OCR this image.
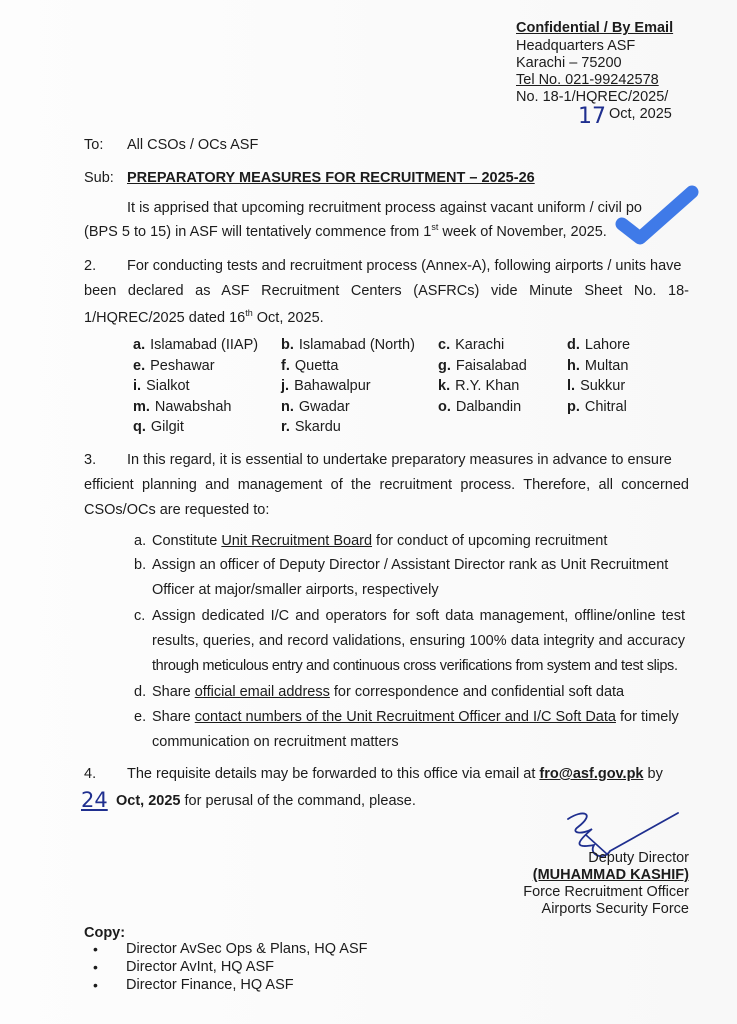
Confidential / By Email
Headquarters ASF
Karachi – 75200
Tel No. 021-99242578
No. 18-1/HQREC/2025/
17 Oct, 2025
To: All CSOs / OCs ASF
Sub: PREPARATORY MEASURES FOR RECRUITMENT – 2025-26
It is apprised that upcoming recruitment process against vacant uniform / civil po
(BPS 5 to 15) in ASF will tentatively commence from 1st week of November, 2025.
2. For conducting tests and recruitment process (Annex-A), following airports / units have
been declared as ASF Recruitment Centers (ASFRCs) vide Minute Sheet No. 18-
1/HQREC/2025 dated 16th Oct, 2025.
a. Islamabad (IIAP)	b. Islamabad (North)	c. Karachi	d. Lahore
e. Peshawar	f. Quetta	g. Faisalabad	h. Multan
i. Sialkot	j. Bahawalpur	k. R.Y. Khan	l. Sukkur
m. Nawabshah	n. Gwadar	o. Dalbandin	p. Chitral
q. Gilgit	r. Skardu
3. In this regard, it is essential to undertake preparatory measures in advance to ensure
efficient planning and management of the recruitment process. Therefore, all concerned
CSOs/OCs are requested to:
a. Constitute Unit Recruitment Board for conduct of upcoming recruitment
b. Assign an officer of Deputy Director / Assistant Director rank as Unit Recruitment
Officer at major/smaller airports, respectively
c. Assign dedicated I/C and operators for soft data management, offline/online test
results, queries, and record validations, ensuring 100% data integrity and accuracy
through meticulous entry and continuous cross verifications from system and test slips.
d. Share official email address for correspondence and confidential soft data
e. Share contact numbers of the Unit Recruitment Officer and I/C Soft Data for timely
communication on recruitment matters
4. The requisite details may be forwarded to this office via email at fro@asf.gov.pk by
24 Oct, 2025 for perusal of the command, please.
Deputy Director
(MUHAMMAD KASHIF)
Force Recruitment Officer
Airports Security Force
Copy:
• Director AvSec Ops & Plans, HQ ASF
• Director AvInt, HQ ASF
• Director Finance, HQ ASF
